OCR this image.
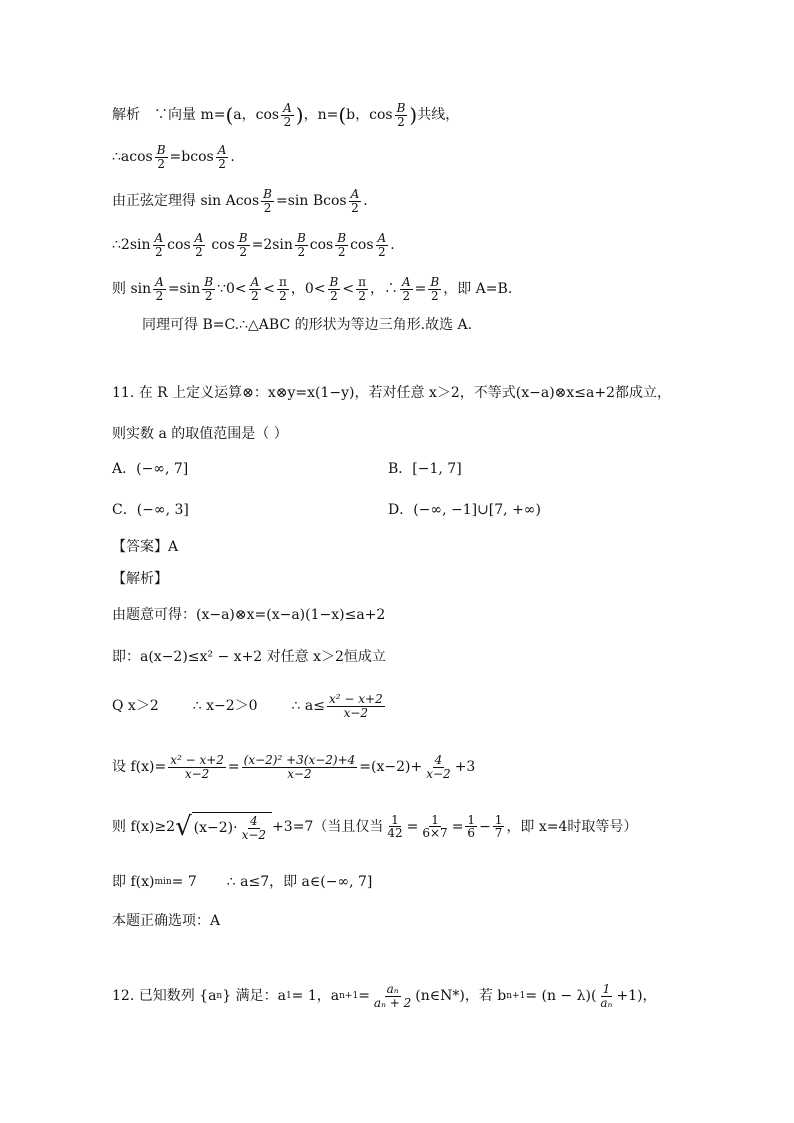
解析 ∵向量 m= ( a，$\cos \frac{A}{2}$ ) ，n= ( b，$\cos \frac{B}{2}$ ) 共线，
∴acos $\frac{B}{2} =bcos \frac{A}{2}$ .
由正弦定理得 sin Acos $\frac{B}{2} =\sin$ Bcos $\frac{A}{2}$ .
∴2sin $\frac{A}{2}$ $\cos \frac{A}{2}$ $\cos \frac{B}{2} =2\sin \frac{B}{2}$ $\cos \frac{B}{2}$ $\cos \frac{A}{2}$ .
则 $\sin \frac{A}{2} =\sin \frac{B}{2}$ ∵0< $\frac{A}{2} < \frac{\pi}{2}$ ，$0< \frac{B}{2} < \frac{\pi}{2}$ ，∴ $\frac{A}{2} = \frac{B}{2}$ ，即 A=B.
同理可得 B=C.∴△ABC 的形状为等边三角形.故选 A.
11. 在 R 上定义运算⊗：x⊗y=x(1−y)，若对任意 x＞2，不等式(x−a)⊗x≤a+2都成立，
则实数 a 的取值范围是（ ）
A．(−∞, 7]	B．[−1, 7]
C．(−∞, 3]	D．(−∞, −1]∪[7, +∞)
【答案】A
【解析】
由题意可得：(x−a)⊗x=(x−a)(1−x)≤a+2
即：a(x−2)≤x² − x+2 对任意 x＞2恒成立
Q x＞2 ∴ x−2＞0 ∴ $a\le \frac{\text{x² − x+2}}{x-2}$
设 $f(x)= \frac{\text{x² − x+2}}{x-2} = \frac{\text{(x−2)² +3(x−2)+4}}{x-2} =(x-2)+ \frac{4}{x-2} +3$
则 f(x)≥2 √ $(x-2)\cdot \frac{4}{x-2} +3=7$（当且仅当 $\frac{1}{42} = \frac{1}{6\times 7} = \frac{1}{6} - \frac{1}{7}$ ，即 x=4时取等号）
即 f(x) min = 7 ∴ a≤7，即 a∈(−∞, 7]
本题正确选项：A
12. 已知数列 {a n } 满足：a 1 = 1，a $n+1 = \frac{\text{aₙ}}{\text{aₙ + 2}}$ (n∈N*)，若 b $n+1 = (n - \lambda)( \frac{1}{\text{aₙ}} +1)$，
